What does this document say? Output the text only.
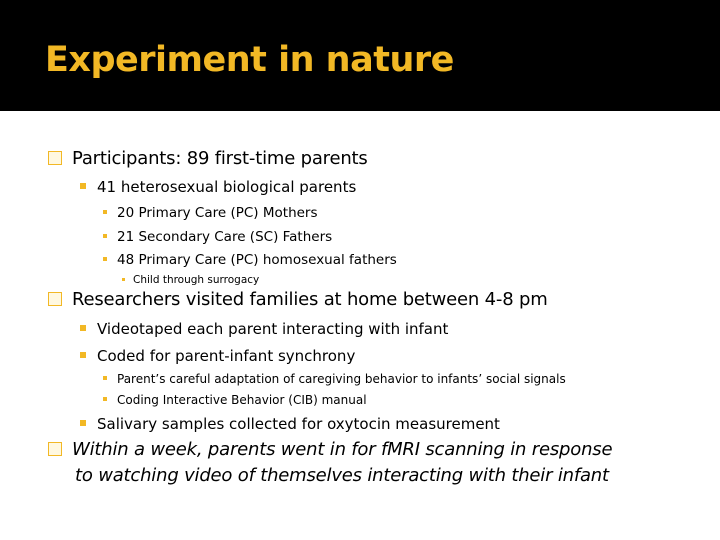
Experiment in nature
Participants: 89 first-time parents
41 heterosexual biological parents
20 Primary Care (PC) Mothers
21 Secondary Care (SC) Fathers
48 Primary Care (PC) homosexual fathers
Child through surrogacy
Researchers visited families at home between 4-8 pm
Videotaped each parent interacting with infant
Coded for parent-infant synchrony
Parent’s careful adaptation of caregiving behavior to infants’ social signals
Coding Interactive Behavior (CIB) manual
Salivary samples collected for oxytocin measurement
Within a week, parents went in for fMRI scanning in response
to watching video of themselves interacting with their infant
